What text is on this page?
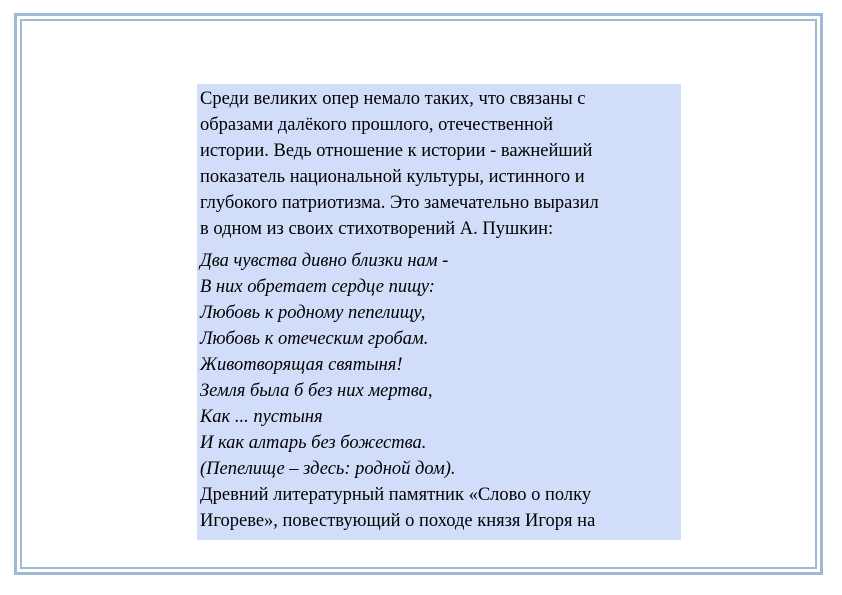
Среди великих опер немало таких, что связаны с
образами далёкого прошлого, отечественной
истории. Ведь отношение к истории - важнейший
показатель национальной культуры, истинного и
глубокого патриотизма. Это замечательно выразил
в одном из своих стихотворений А. Пушкин:
Два чувства дивно близки нам -
В них обретает сердце пищу:
Любовь к родному пепелищу,
Любовь к отеческим гробам.
Животворящая святыня!
Земля была б без них мертва,
Как ... пустыня
И как алтарь без божества.
(Пепелище – здесь: родной дом).
Древний литературный памятник «Слово о полку
Игореве», повествующий о походе князя Игоря на
